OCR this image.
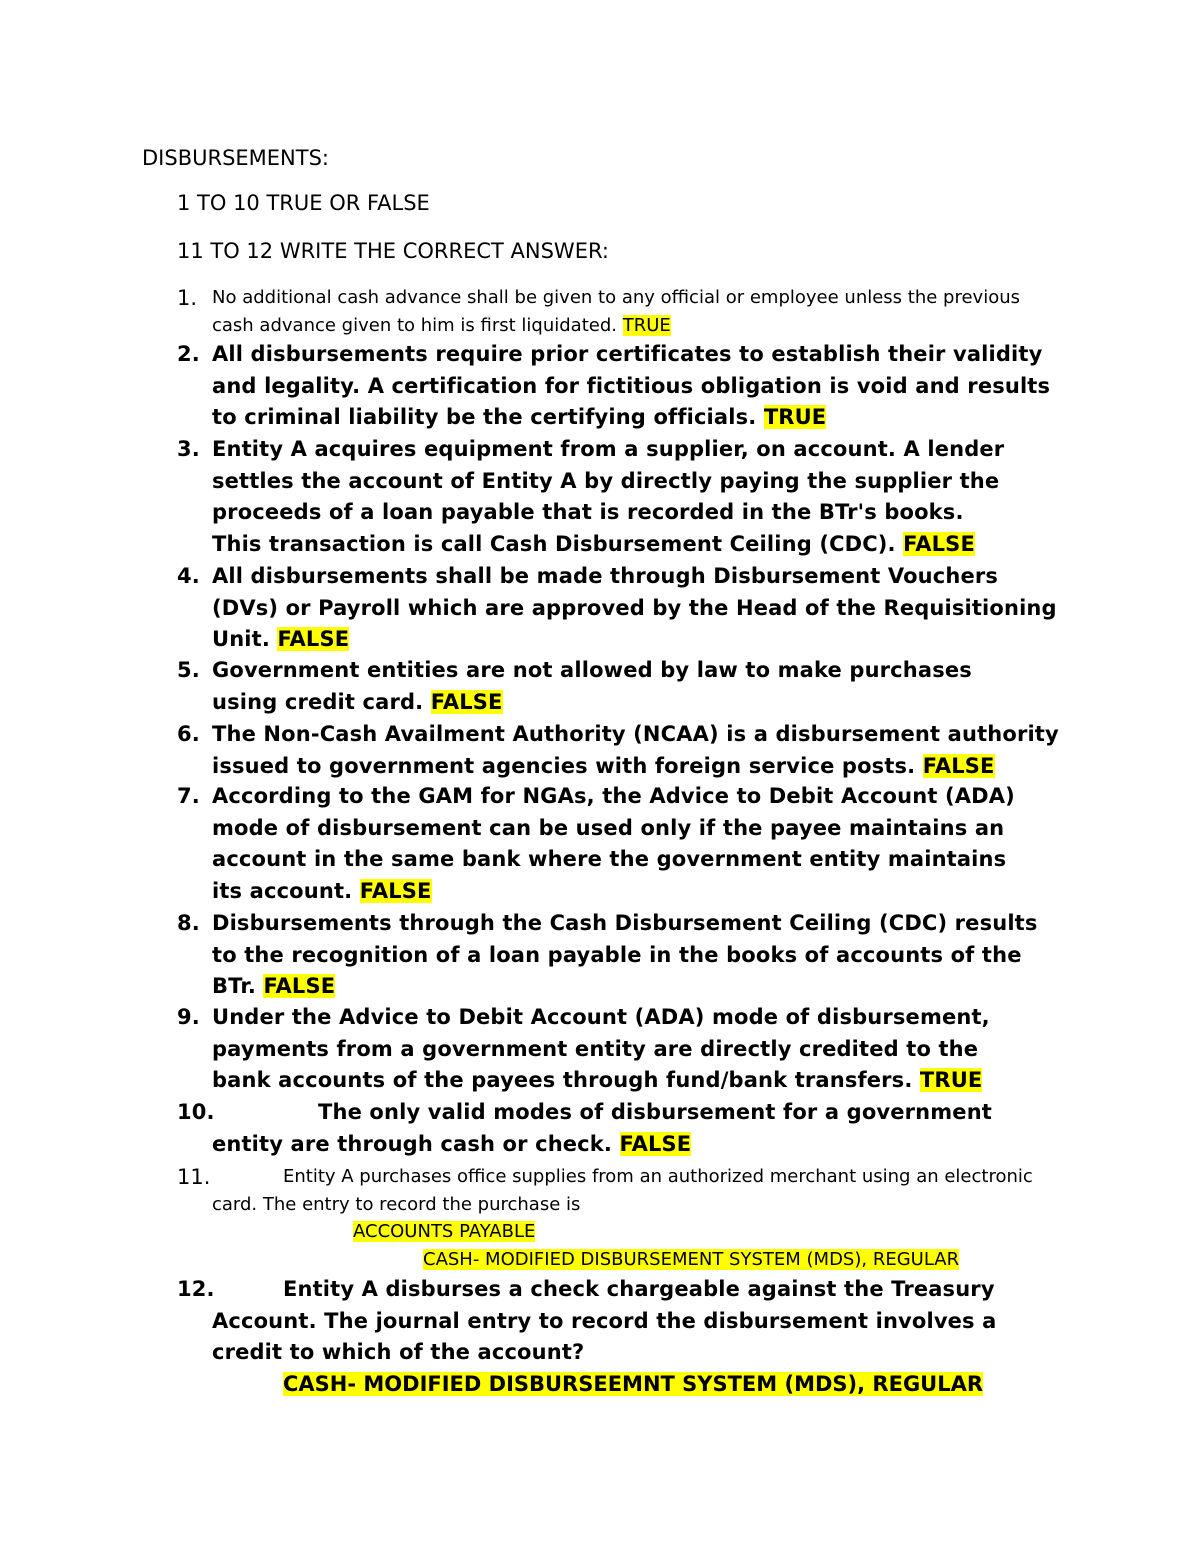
DISBURSEMENTS:
1 TO 10 TRUE OR FALSE
11 TO 12 WRITE THE CORRECT ANSWER:
1. No additional cash advance shall be given to any official or employee unless the previous cash advance given to him is first liquidated. TRUE
2. All disbursements require prior certificates to establish their validity and legality. A certification for fictitious obligation is void and results to criminal liability be the certifying officials. TRUE
3. Entity A acquires equipment from a supplier, on account. A lender settles the account of Entity A by directly paying the supplier the proceeds of a loan payable that is recorded in the BTr's books. This transaction is call Cash Disbursement Ceiling (CDC). FALSE
4. All disbursements shall be made through Disbursement Vouchers (DVs) or Payroll which are approved by the Head of the Requisitioning Unit. FALSE
5. Government entities are not allowed by law to make purchases using credit card. FALSE
6. The Non-Cash Availment Authority (NCAA) is a disbursement authority issued to government agencies with foreign service posts. FALSE
7. According to the GAM for NGAs, the Advice to Debit Account (ADA) mode of disbursement can be used only if the payee maintains an account in the same bank where the government entity maintains its account. FALSE
8. Disbursements through the Cash Disbursement Ceiling (CDC) results to the recognition of a loan payable in the books of accounts of the BTr. FALSE
9. Under the Advice to Debit Account (ADA) mode of disbursement, payments from a government entity are directly credited to the bank accounts of the payees through fund/bank transfers. TRUE
10.	The only valid modes of disbursement for a government entity are through cash or check. FALSE
11.	Entity A purchases office supplies from an authorized merchant using an electronic card. The entry to record the purchase is
ACCOUNTS PAYABLE
CASH- MODIFIED DISBURSEMENT SYSTEM (MDS), REGULAR
12.	Entity A disburses a check chargeable against the Treasury Account. The journal entry to record the disbursement involves a credit to which of the account?
CASH- MODIFIED DISBURSEEMNT SYSTEM (MDS), REGULAR
